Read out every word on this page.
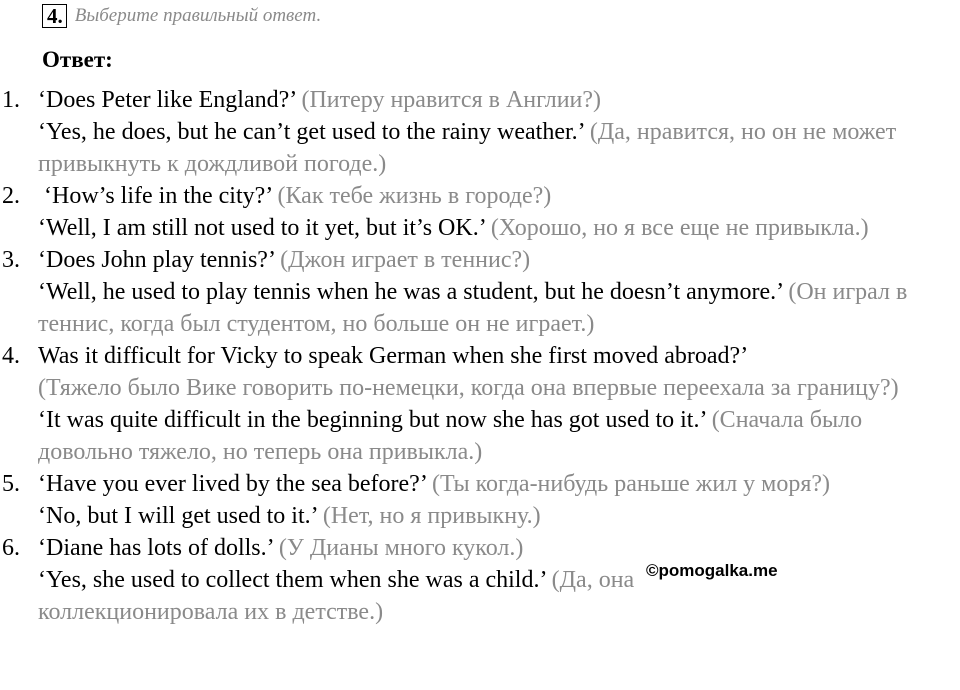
4. Выберите правильный ответ.
Ответ:
1. ‘Does Peter like England?’ (Питеру нравится в Англии?)
‘Yes, he does, but he can’t get used to the rainy weather.’ (Да, нравится, но он не может привыкнуть к дождливой погоде.)
2. ‘How’s life in the city?’ (Как тебе жизнь в городе?)
‘Well, I am still not used to it yet, but it’s OK.’ (Хорошо, но я все еще не привыкла.)
3. ‘Does John play tennis?’ (Джон играет в теннис?)
‘Well, he used to play tennis when he was a student, but he doesn’t anymore.’ (Он играл в теннис, когда был студентом, но больше он не играет.)
4. Was it difficult for Vicky to speak German when she first moved abroad?’
(Тяжело было Вике говорить по-немецки, когда она впервые переехала за границу?)
‘It was quite difficult in the beginning but now she has got used to it.’ (Сначала было довольно тяжело, но теперь она привыкла.)
5. ‘Have you ever lived by the sea before?’ (Ты когда-нибудь раньше жил у моря?)
‘No, but I will get used to it.’ (Нет, но я привыкну.)
6. ‘Diane has lots of dolls.’ (У Дианы много кукол.)
‘Yes, she used to collect them when she was a child.’ (Да, она коллекционировала их в детстве.)
©pomogalka.me
